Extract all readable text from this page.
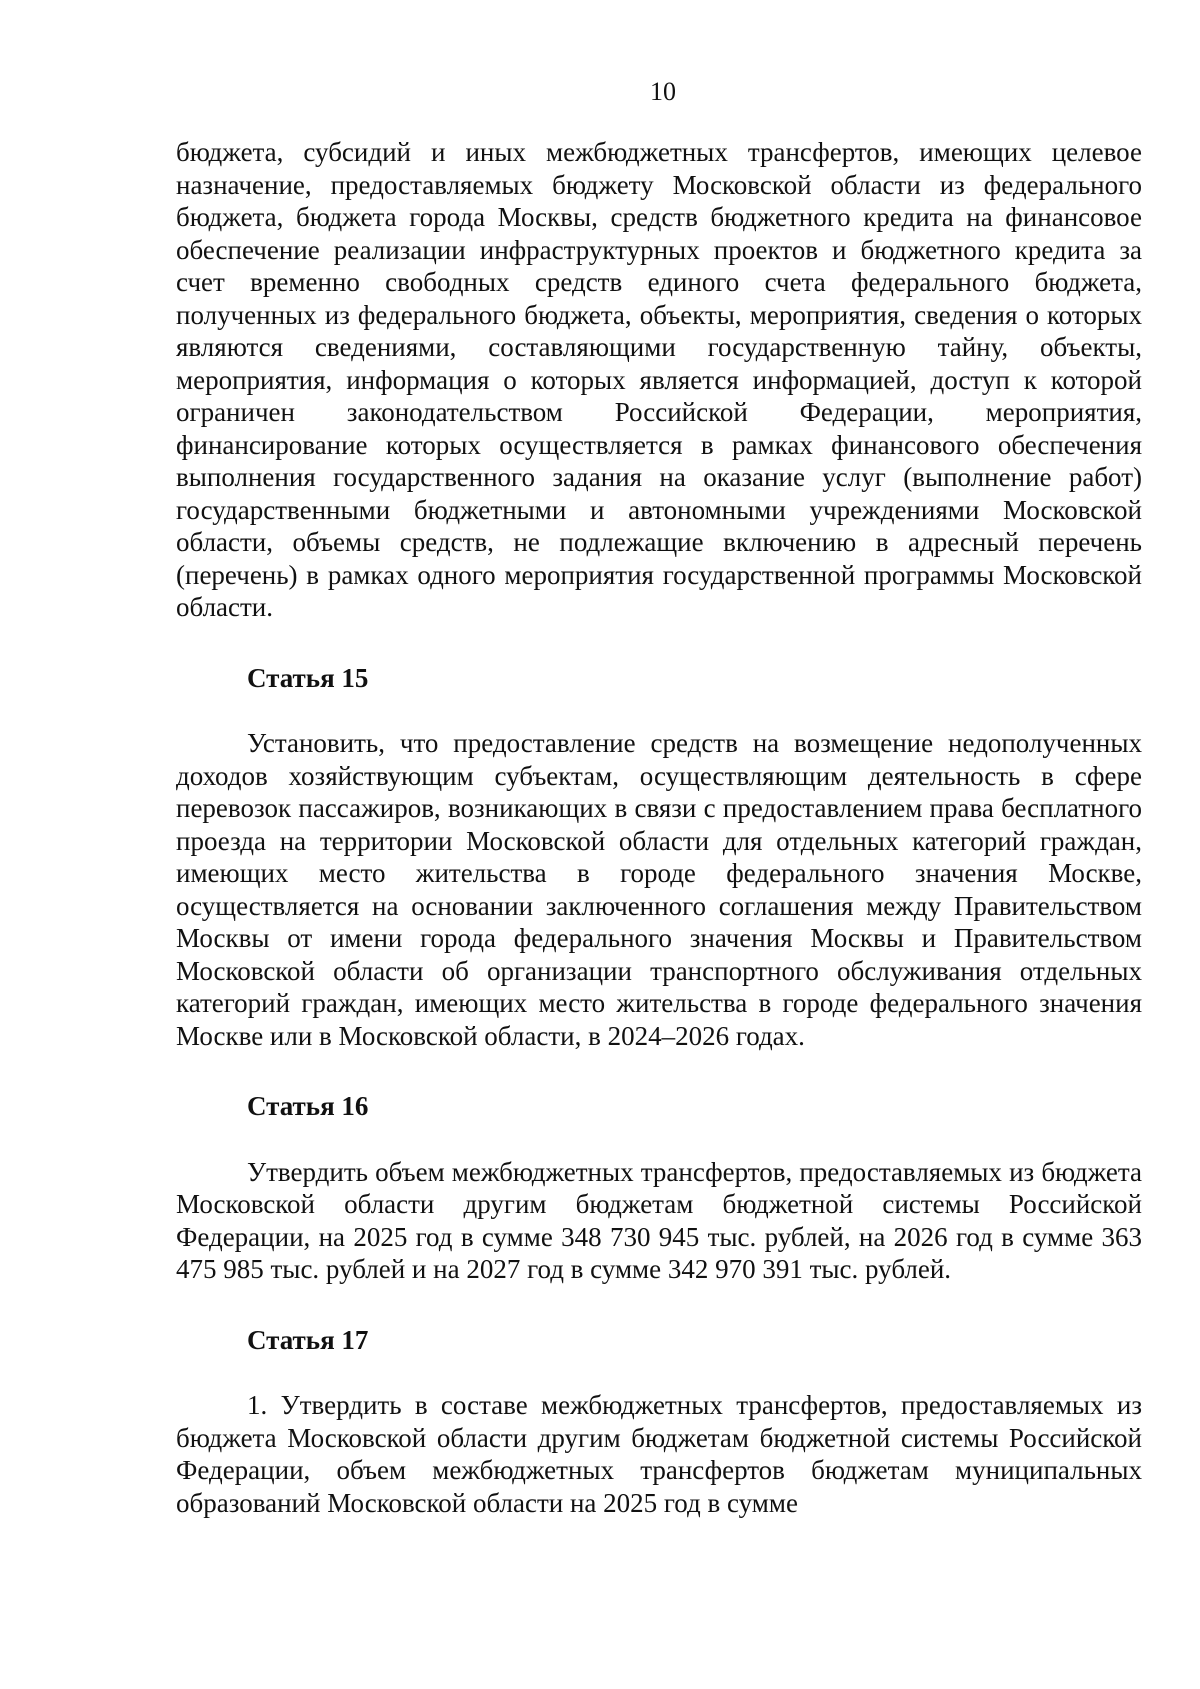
10

бюджета, субсидий и иных межбюджетных трансфертов, имеющих целевое назначение, предоставляемых бюджету Московской области из федерального бюджета, бюджета города Москвы, средств бюджетного кредита на финансовое обеспечение реализации инфраструктурных проектов и бюджетного кредита за счет временно свободных средств единого счета федерального бюджета, полученных из федерального бюджета, объекты, мероприятия, сведения о которых являются сведениями, составляющими государственную тайну, объекты, мероприятия, информация о которых является информацией, доступ к которой ограничен законодательством Российской Федерации, мероприятия, финансирование которых осуществляется в рамках финансового обеспечения выполнения государственного задания на оказание услуг (выполнение работ) государственными бюджетными и автономными учреждениями Московской области, объемы средств, не подлежащие включению в адресный перечень (перечень) в рамках одного мероприятия государственной программы Московской области.

Статья 15

Установить, что предоставление средств на возмещение недополученных доходов хозяйствующим субъектам, осуществляющим деятельность в сфере перевозок пассажиров, возникающих в связи с предоставлением права бесплатного проезда на территории Московской области для отдельных категорий граждан, имеющих место жительства в городе федерального значения Москве, осуществляется на основании заключенного соглашения между Правительством Москвы от имени города федерального значения Москвы и Правительством Московской области об организации транспортного обслуживания отдельных категорий граждан, имеющих место жительства в городе федерального значения Москве или в Московской области, в 2024–2026 годах.

Статья 16

Утвердить объем межбюджетных трансфертов, предоставляемых из бюджета Московской области другим бюджетам бюджетной системы Российской Федерации, на 2025 год в сумме 348 730 945 тыс. рублей, на 2026 год в сумме 363 475 985 тыс. рублей и на 2027 год в сумме 342 970 391 тыс. рублей.

Статья 17

1. Утвердить в составе межбюджетных трансфертов, предоставляемых из бюджета Московской области другим бюджетам бюджетной системы Российской Федерации, объем межбюджетных трансфертов бюджетам муниципальных образований Московской области на 2025 год в сумме
